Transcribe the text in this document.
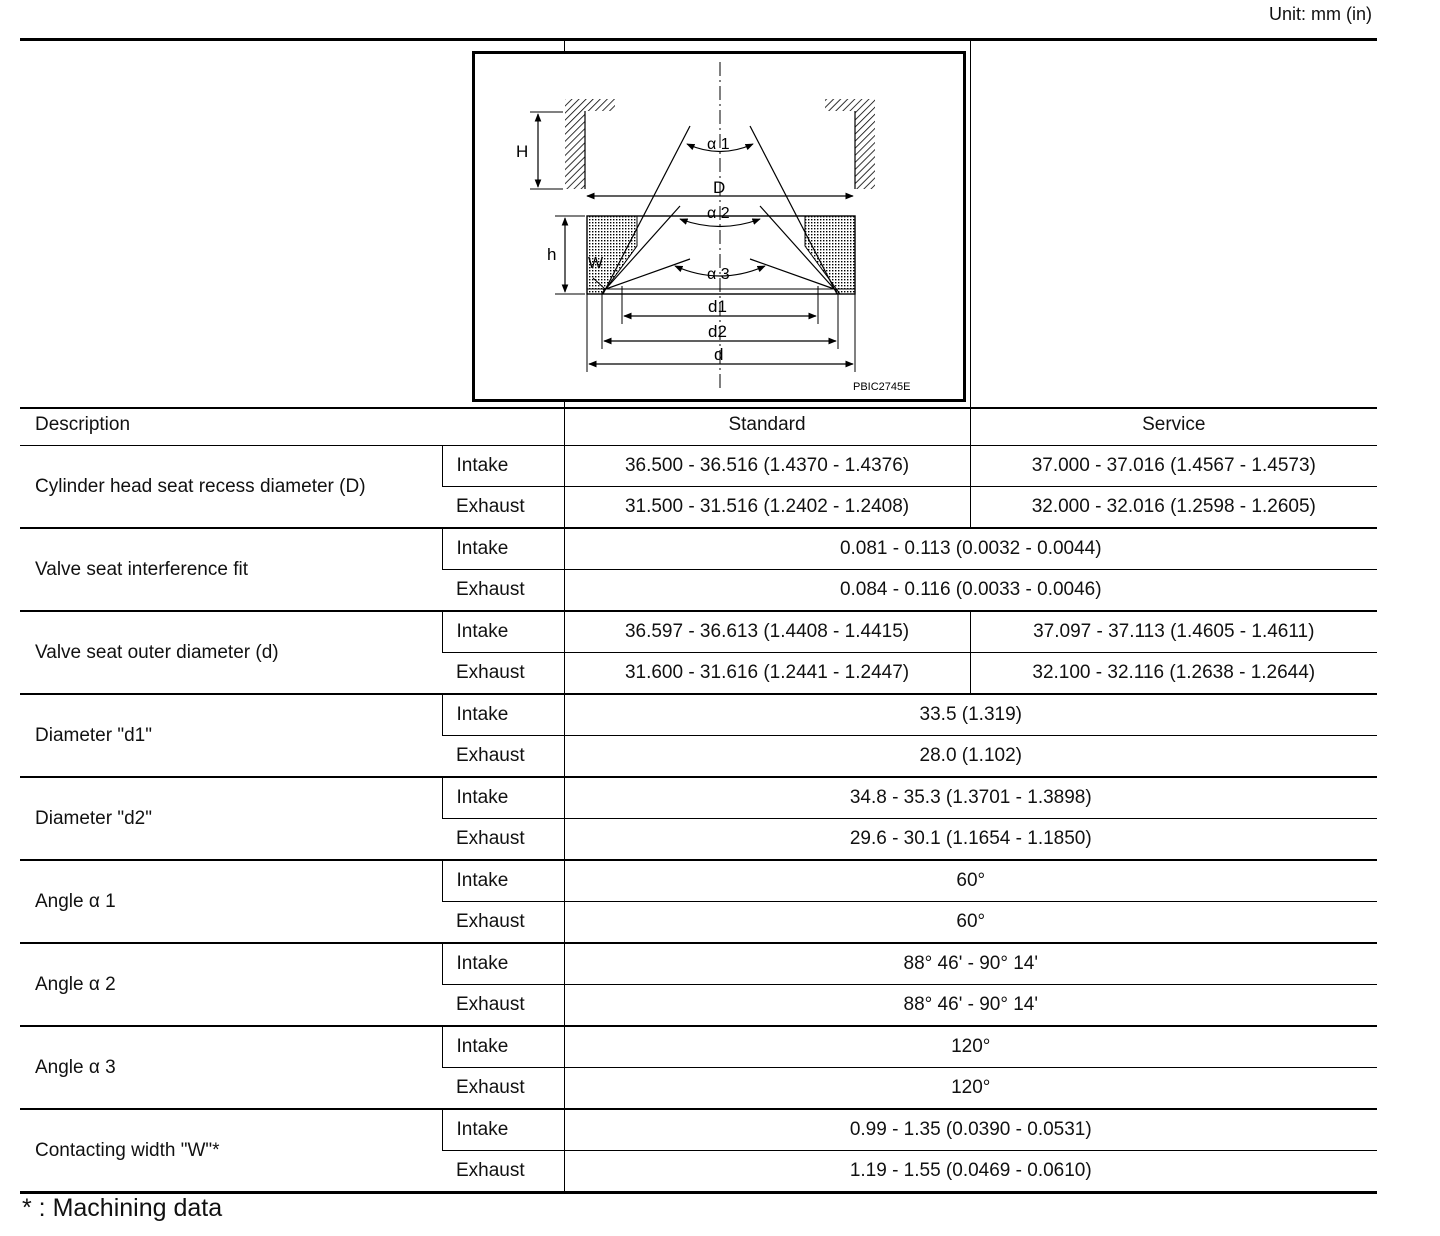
Unit: mm (in)
H
D
h
α 1
α 2
α 3
W
d1
d2
d
PBIC2745E
Description		Standard	Service
Cylinder head seat recess diameter (D)	Intake	36.500 - 36.516 (1.4370 - 1.4376)	37.000 - 37.016 (1.4567 - 1.4573)
	Exhaust	31.500 - 31.516 (1.2402 - 1.2408)	32.000 - 32.016 (1.2598 - 1.2605)
Valve seat interference fit	Intake	0.081 - 0.113 (0.0032 - 0.0044)	
	Exhaust	0.084 - 0.116 (0.0033 - 0.0046)	
Valve seat outer diameter (d)	Intake	36.597 - 36.613 (1.4408 - 1.4415)	37.097 - 37.113 (1.4605 - 1.4611)
	Exhaust	31.600 - 31.616 (1.2441 - 1.2447)	32.100 - 32.116 (1.2638 - 1.2644)
Diameter "d1"	Intake	33.5 (1.319)	
	Exhaust	28.0 (1.102)	
Diameter "d2"	Intake	34.8 - 35.3 (1.3701 - 1.3898)	
	Exhaust	29.6 - 30.1 (1.1654 - 1.1850)	
Angle α 1	Intake	60°	
	Exhaust	60°	
Angle α 2	Intake	88° 46' - 90° 14'	
	Exhaust	88° 46' - 90° 14'	
Angle α 3	Intake	120°	
	Exhaust	120°	
Contacting width "W"*	Intake	0.99 - 1.35 (0.0390 - 0.0531)	
	Exhaust	1.19 - 1.55 (0.0469 - 0.0610)	
* : Machining data
